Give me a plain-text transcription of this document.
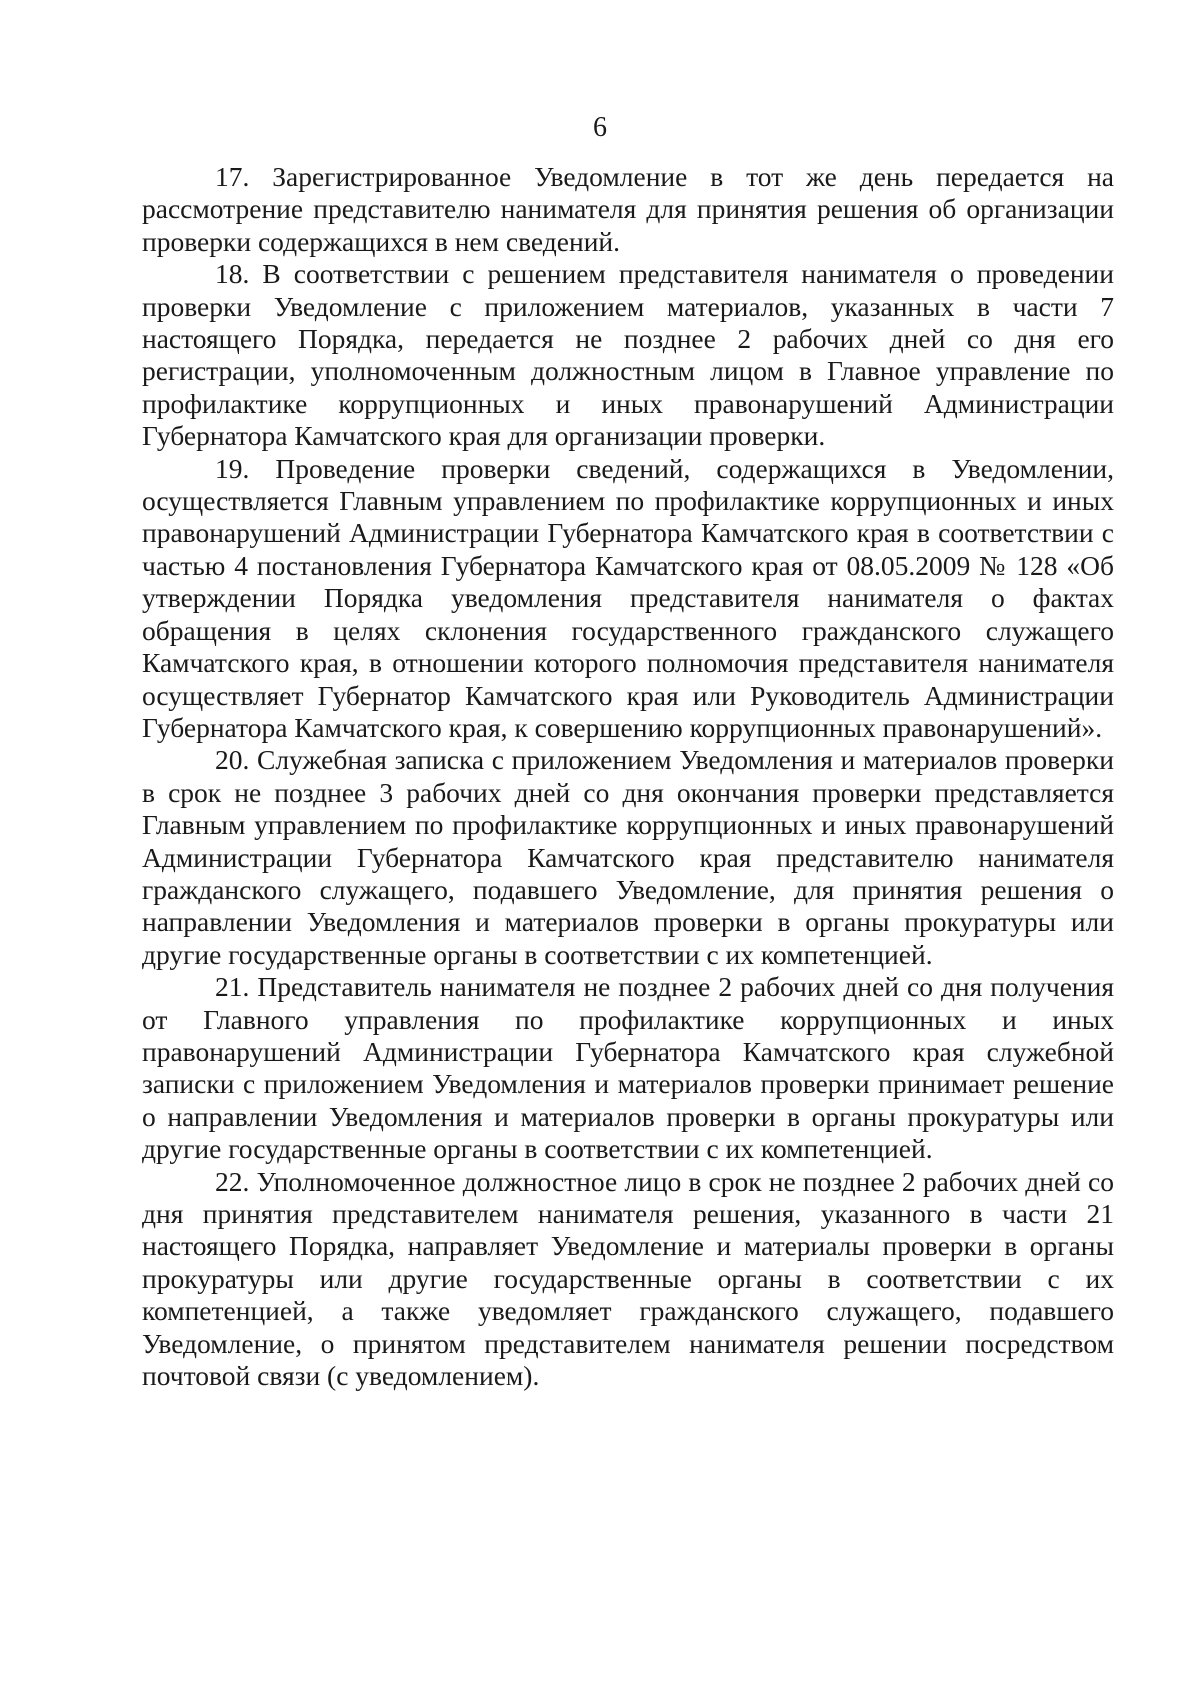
6

17. Зарегистрированное Уведомление в тот же день передается на рассмотрение представителю нанимателя для принятия решения об организации проверки содержащихся в нем сведений.

18. В соответствии с решением представителя нанимателя о проведении проверки Уведомление с приложением материалов, указанных в части 7 настоящего Порядка, передается не позднее 2 рабочих дней со дня его регистрации, уполномоченным должностным лицом в Главное управление по профилактике коррупционных и иных правонарушений Администрации Губернатора Камчатского края для организации проверки.

19. Проведение проверки сведений, содержащихся в Уведомлении, осуществляется Главным управлением по профилактике коррупционных и иных правонарушений Администрации Губернатора Камчатского края в соответствии с частью 4 постановления Губернатора Камчатского края от 08.05.2009 № 128 «Об утверждении Порядка уведомления представителя нанимателя о фактах обращения в целях склонения государственного гражданского служащего Камчатского края, в отношении которого полномочия представителя нанимателя осуществляет Губернатор Камчатского края или Руководитель Администрации Губернатора Камчатского края, к совершению коррупционных правонарушений».

20. Служебная записка с приложением Уведомления и материалов проверки в срок не позднее 3 рабочих дней со дня окончания проверки представляется Главным управлением по профилактике коррупционных и иных правонарушений Администрации Губернатора Камчатского края представителю нанимателя гражданского служащего, подавшего Уведомление, для принятия решения о направлении Уведомления и материалов проверки в органы прокуратуры или другие государственные органы в соответствии с их компетенцией.

21. Представитель нанимателя не позднее 2 рабочих дней со дня получения от Главного управления по профилактике коррупционных и иных правонарушений Администрации Губернатора Камчатского края служебной записки с приложением Уведомления и материалов проверки принимает решение о направлении Уведомления и материалов проверки в органы прокуратуры или другие государственные органы в соответствии с их компетенцией.

22. Уполномоченное должностное лицо в срок не позднее 2 рабочих дней со дня принятия представителем нанимателя решения, указанного в части 21 настоящего Порядка, направляет Уведомление и материалы проверки в органы прокуратуры или другие государственные органы в соответствии с их компетенцией, а также уведомляет гражданского служащего, подавшего Уведомление, о принятом представителем нанимателя решении посредством почтовой связи (с уведомлением).
